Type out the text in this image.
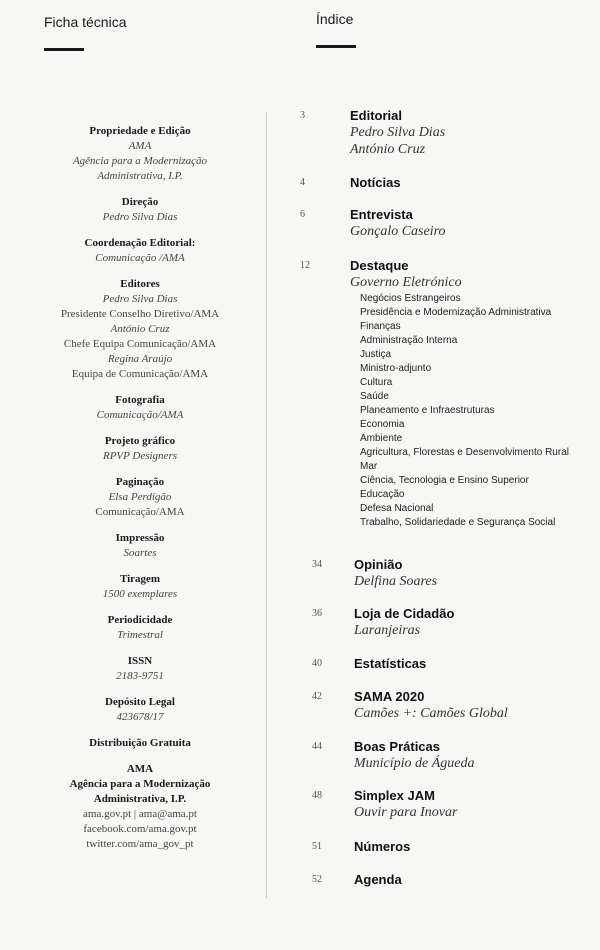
Ficha técnica	Índice
Propriedade e Edição
AMA
Agência para a Modernização
Administrativa, I.P.
Direção
Pedro Silva Dias
Coordenação Editorial:
Comunicação /AMA
Editores
Pedro Silva Dias
Presidente Conselho Diretivo/AMA
António Cruz
Chefe Equipa Comunicação/AMA
Regina Araújo
Equipa de Comunicação/AMA
Fotografia
Comunicação/AMA
Projeto gráfico
RPVP Designers
Paginação
Elsa Perdigão
Comunicação/AMA
Impressão
Soartes
Tiragem
1500 exemplares
Periodicidade
Trimestral
ISSN
2183-9751
Depósito Legal
423678/17
Distribuição Gratuita
AMA
Agência para a Modernização
Administrativa, I.P.
ama.gov.pt | ama@ama.pt
facebook.com/ama.gov.pt
twitter.com/ama_gov_pt
3	Editorial
Pedro Silva Dias
António Cruz
4	Notícias
6	Entrevista
Gonçalo Caseiro
12	Destaque
Governo Eletrónico
Negócios Estrangeiros
Presidência e Modernização Administrativa
Finanças
Administração Interna
Justiça
Ministro-adjunto
Cultura
Saúde
Planeamento e Infraestruturas
Economia
Ambiente
Agricultura, Florestas e Desenvolvimento Rural
Mar
Ciência, Tecnologia e Ensino Superior
Educação
Defesa Nacional
Trabalho, Solidariedade e Segurança Social
34	Opinião
Delfina Soares
36	Loja de Cidadão
Laranjeiras
40	Estatísticas
42	SAMA 2020
Camões +: Camões Global
44	Boas Práticas
Município de Águeda
48	Simplex JAM
Ouvir para Inovar
51	Números
52	Agenda
